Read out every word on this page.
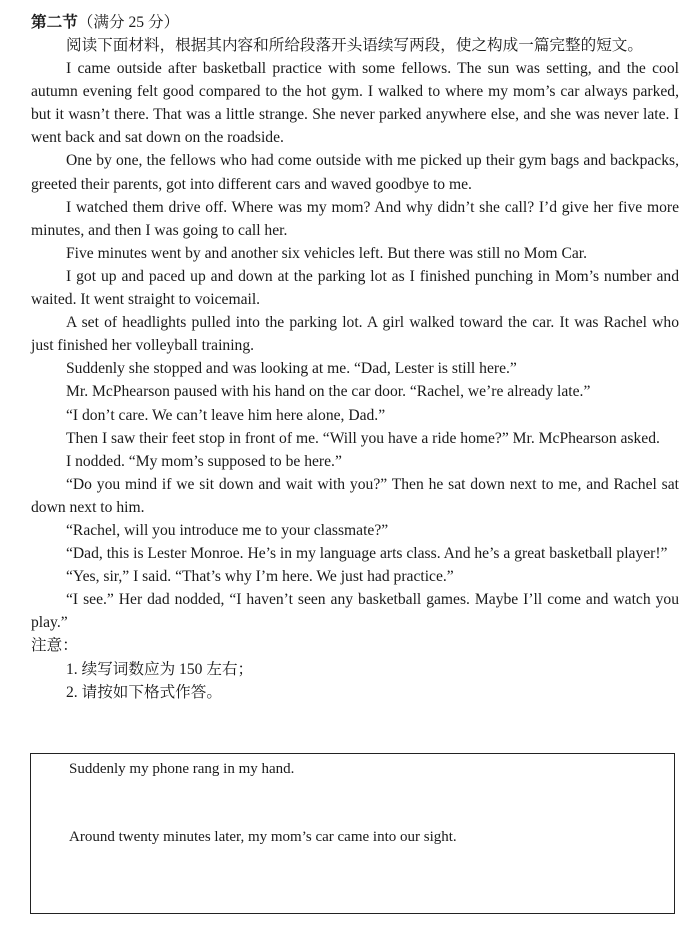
第二节（满分 25 分）

阅读下面材料，根据其内容和所给段落开头语续写两段，使之构成一篇完整的短文。

I came outside after basketball practice with some fellows. The sun was setting, and the cool autumn evening felt good compared to the hot gym. I walked to where my mom’s car always parked, but it wasn’t there. That was a little strange. She never parked anywhere else, and she was never late. I went back and sat down on the roadside.

One by one, the fellows who had come outside with me picked up their gym bags and backpacks, greeted their parents, got into different cars and waved goodbye to me.

I watched them drive off. Where was my mom? And why didn’t she call? I’d give her five more minutes, and then I was going to call her.

Five minutes went by and another six vehicles left. But there was still no Mom Car.

I got up and paced up and down at the parking lot as I finished punching in Mom’s number and waited. It went straight to voicemail.

A set of headlights pulled into the parking lot. A girl walked toward the car. It was Rachel who just finished her volleyball training.

Suddenly she stopped and was looking at me. “Dad, Lester is still here.”

Mr. McPhearson paused with his hand on the car door. “Rachel, we’re already late.”

“I don’t care. We can’t leave him here alone, Dad.”

Then I saw their feet stop in front of me. “Will you have a ride home?” Mr. McPhearson asked.

I nodded. “My mom’s supposed to be here.”

“Do you mind if we sit down and wait with you?” Then he sat down next to me, and Rachel sat down next to him.

“Rachel, will you introduce me to your classmate?”

“Dad, this is Lester Monroe. He’s in my language arts class. And he’s a great basketball player!”

“Yes, sir,” I said. “That’s why I’m here. We just had practice.”

“I see.” Her dad nodded, “I haven’t seen any basketball games. Maybe I’ll come and watch you play.”

注意：

1. 续写词数应为 150 左右；

2. 请按如下格式作答。

Suddenly my phone rang in my hand.

Around twenty minutes later, my mom’s car came into our sight.
